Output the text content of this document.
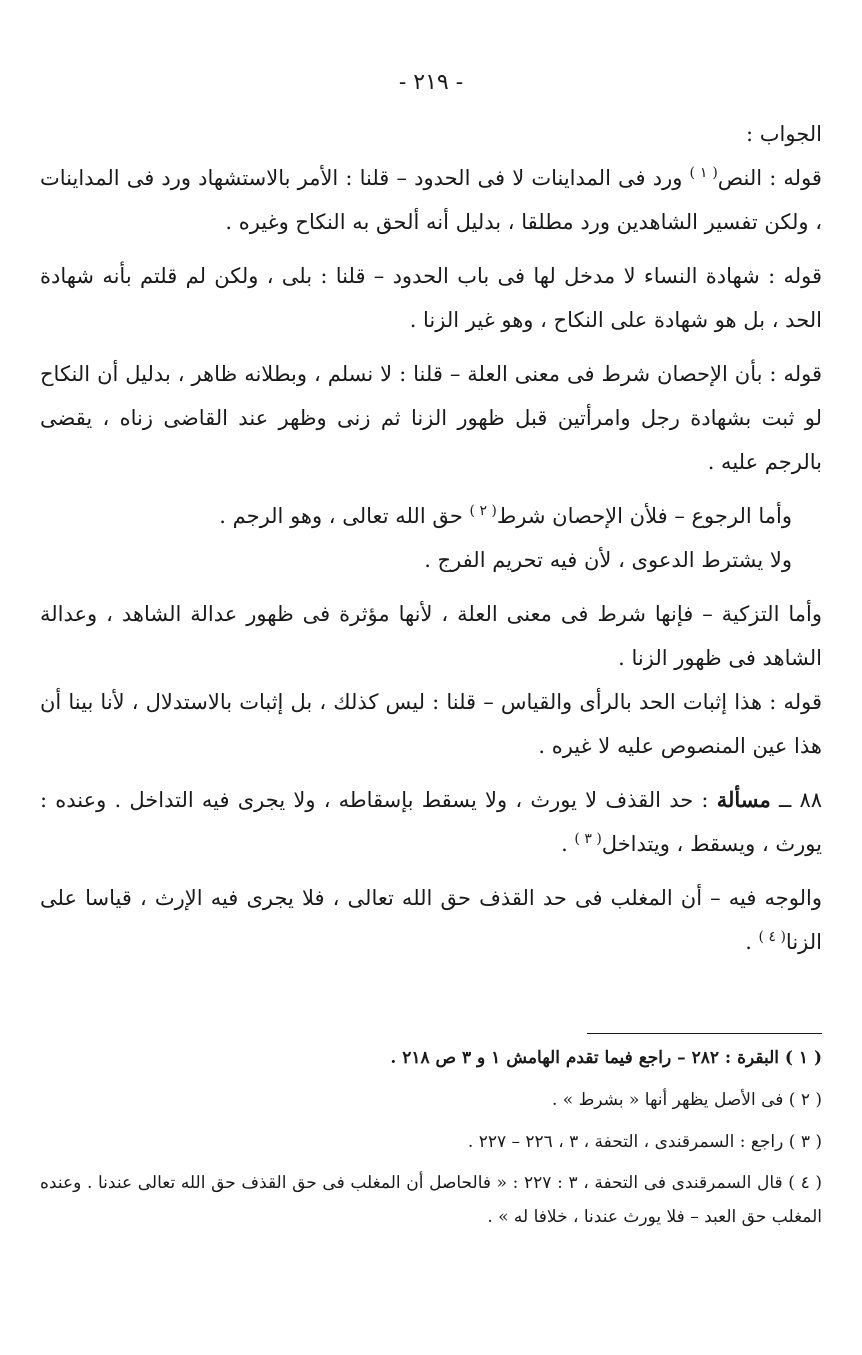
- ٢١٩ -

الجواب :

قوله : النص$^{( ١ )}$ ورد فى المداينات لا فى الحدود – قلنا : الأمر بالاستشهاد ورد فى المداينات ، ولكن تفسير الشاهدين ورد مطلقا ، بدليل أنه ألحق به النكاح وغيره .

قوله : شهادة النساء لا مدخل لها فى باب الحدود – قلنا : بلى ، ولكن لم قلتم بأنه شهادة الحد ، بل هو شهادة على النكاح ، وهو غير الزنا .

قوله : بأن الإحصان شرط فى معنى العلة – قلنا : لا نسلم ، وبطلانه ظاهر ، بدليل أن النكاح لو ثبت بشهادة رجل وامرأتين قبل ظهور الزنا ثم زنى وظهر عند القاضى زناه ، يقضى بالرجم عليه .

وأما الرجوع – فلأن الإحصان شرط$^{( ٢ )}$ حق الله تعالى ، وهو الرجم .

ولا يشترط الدعوى ، لأن فيه تحريم الفرج .

وأما التزكية – فإنها شرط فى معنى العلة ، لأنها مؤثرة فى ظهور عدالة الشاهد ، وعدالة الشاهد فى ظهور الزنا .

قوله : هذا إثبات الحد بالرأى والقياس – قلنا : ليس كذلك ، بل إثبات بالاستدلال ، لأنا بينا أن هذا عين المنصوص عليه لا غيره .

٨٨ ــ مسألة : حد القذف لا يورث ، ولا يسقط بإسقاطه ، ولا يجرى فيه التداخل . وعنده : يورث ، ويسقط ، ويتداخل$^{( ٣ )}$ .

والوجه فيه – أن المغلب فى حد القذف حق الله تعالى ، فلا يجرى فيه الإرث ، قياسا على الزنا$^{( ٤ )}$ .

( ١ ) البقرة : ٢٨٢ – راجع فيما تقدم الهامش ١ و ٣ ص ٢١٨ .

( ٢ ) فى الأصل يظهر أنها « بشرط » .

( ٣ ) راجع : السمرقندى ، التحفة ، ٣ ، ٢٢٦ – ٢٢٧ .

( ٤ ) قال السمرقندى فى التحفة ، ٣ : ٢٢٧ : « فالحاصل أن المغلب فى حق القذف حق الله تعالى عندنا . وعنده المغلب حق العبد – فلا يورث عندنا ، خلافا له » .
